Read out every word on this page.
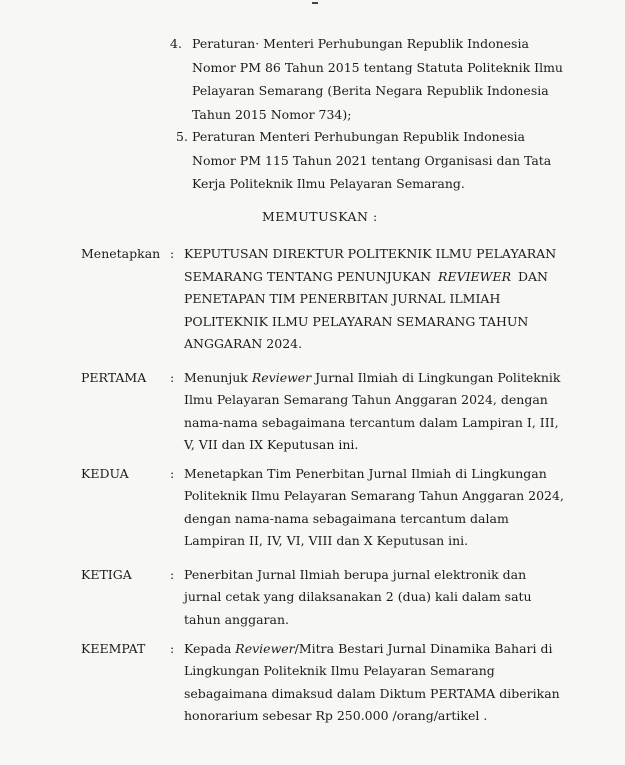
4. Peraturan· Menteri Perhubungan Republik Indonesia
Nomor PM 86 Tahun 2015 tentang Statuta Politeknik Ilmu
Pelayaran Semarang (Berita Negara Republik Indonesia
Tahun 2015 Nomor 734);
5. Peraturan Menteri Perhubungan Republik Indonesia
Nomor PM 115 Tahun 2021 tentang Organisasi dan Tata
Kerja Politeknik Ilmu Pelayaran Semarang.
MEMUTUSKAN :
Menetapkan : KEPUTUSAN DIREKTUR POLITEKNIK ILMU PELAYARAN
SEMARANG TENTANG PENUNJUKAN REVIEWER DAN
PENETAPAN TIM PENERBITAN JURNAL ILMIAH
POLITEKNIK ILMU PELAYARAN SEMARANG TAHUN
ANGGARAN 2024.
PERTAMA : Menunjuk Reviewer Jurnal Ilmiah di Lingkungan Politeknik
Ilmu Pelayaran Semarang Tahun Anggaran 2024, dengan
nama-nama sebagaimana tercantum dalam Lampiran I, III,
V, VII dan IX Keputusan ini.
KEDUA	: Menetapkan Tim Penerbitan Jurnal Ilmiah di Lingkungan
Politeknik Ilmu Pelayaran Semarang Tahun Anggaran 2024,
dengan nama-nama sebagaimana tercantum dalam
Lampiran II, IV, VI, VIII dan X Keputusan ini.
KETIGA	: Penerbitan Jurnal Ilmiah berupa jurnal elektronik dan
jurnal cetak yang dilaksanakan 2 (dua) kali dalam satu
tahun anggaran.
KEEMPAT : Kepada Reviewer/Mitra Bestari Jurnal Dinamika Bahari di
Lingkungan Politeknik Ilmu Pelayaran Semarang
sebagaimana dimaksud dalam Diktum PERTAMA diberikan
honorarium sebesar Rp 250.000 /orang/artikel .
